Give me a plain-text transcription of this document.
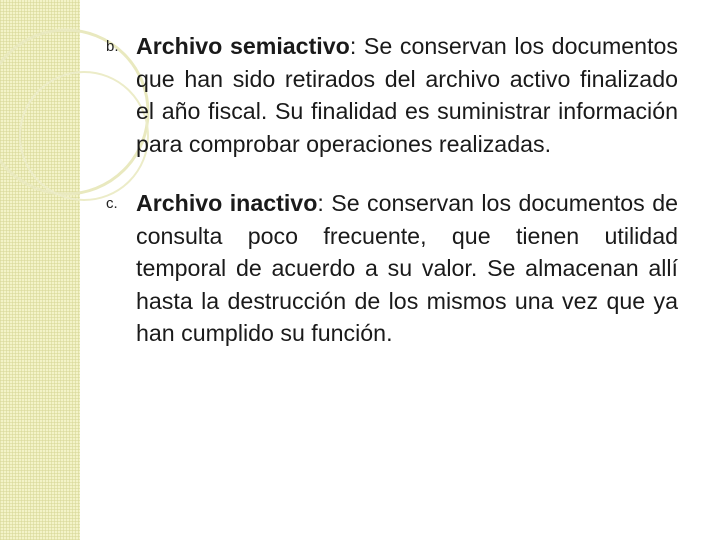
b. Archivo semiactivo: Se conservan los documentos que han sido retirados del archivo activo finalizado el año fiscal. Su finalidad es suministrar información para comprobar operaciones realizadas.
c. Archivo inactivo: Se conservan los documentos de consulta poco frecuente, que tienen utilidad temporal de acuerdo a su valor. Se almacenan allí hasta la destrucción de los mismos una vez que ya han cumplido su función.
